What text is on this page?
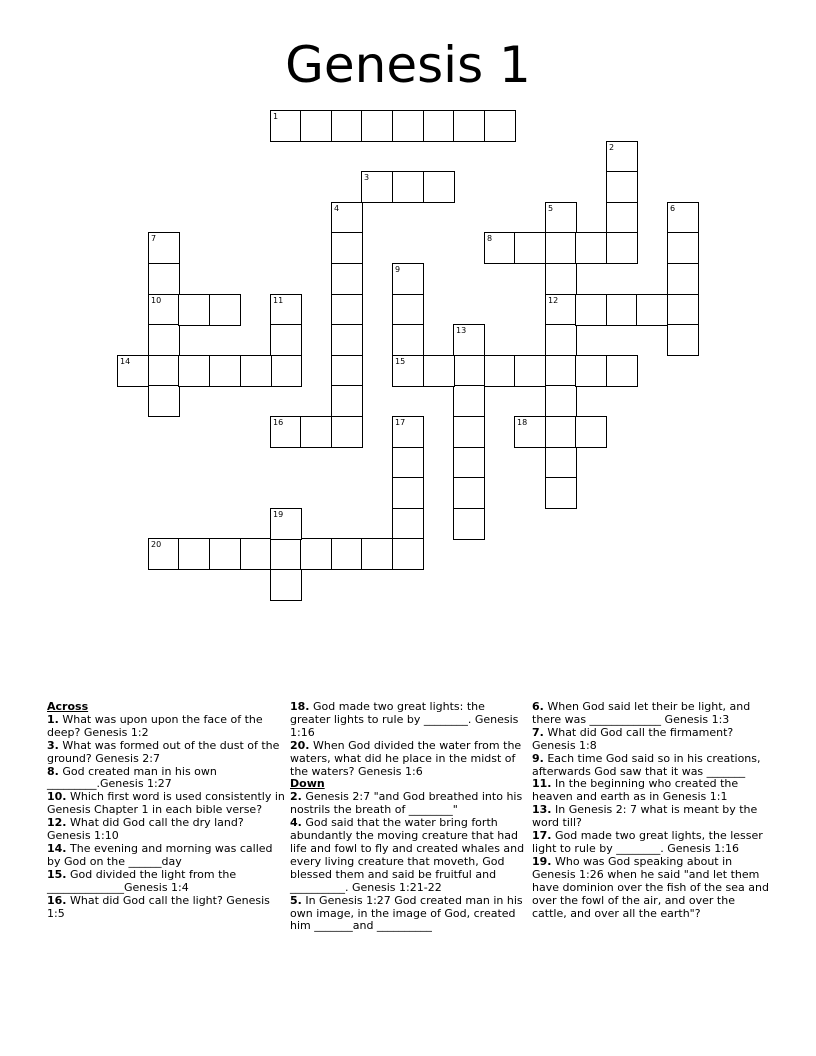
Genesis 1
1
2
3
4	5
12
6
7
10
8
9
15
11
13
14
16	17	18
20
19
Across
1. What was upon upon the face of the deep? Genesis 1:2
3. What was formed out of the dust of the ground? Genesis 2:7
8. God created man in his own _________.Genesis 1:27
10. Which first word is used consistently in Genesis Chapter 1 in each bible verse?
12. What did God call the dry land? Genesis 1:10
14. The evening and morning was called by God on the ______day
15. God divided the light from the ______________Genesis 1:4
16. What did God call the light? Genesis 1:5
18. God made two great lights: the greater lights to rule by ________. Genesis 1:16
20. When God divided the water from the waters, what did he place in the midst of the waters? Genesis 1:6
Down
2. Genesis 2:7 "and God breathed into his nostrils the breath of ________"
4. God said that the water bring forth abundantly the moving creature that had life and fowl to fly and created whales and every living creature that moveth, God blessed them and said be fruitful and __________. Genesis 1:21-22
5. In Genesis 1:27 God created man in his own image, in the image of God, created him _______and __________
6. When God said let their be light, and there was _____________ Genesis 1:3
7. What did God call the firmament? Genesis 1:8
9. Each time God said so in his creations, afterwards God saw that it was _______
11. In the beginning who created the heaven and earth as in Genesis 1:1
13. In Genesis 2: 7 what is meant by the word till?
17. God made two great lights, the lesser light to rule by ________. Genesis 1:16
19. Who was God speaking about in Genesis 1:26 when he said "and let them have dominion over the fish of the sea and over the fowl of the air, and over the cattle, and over all the earth"?
